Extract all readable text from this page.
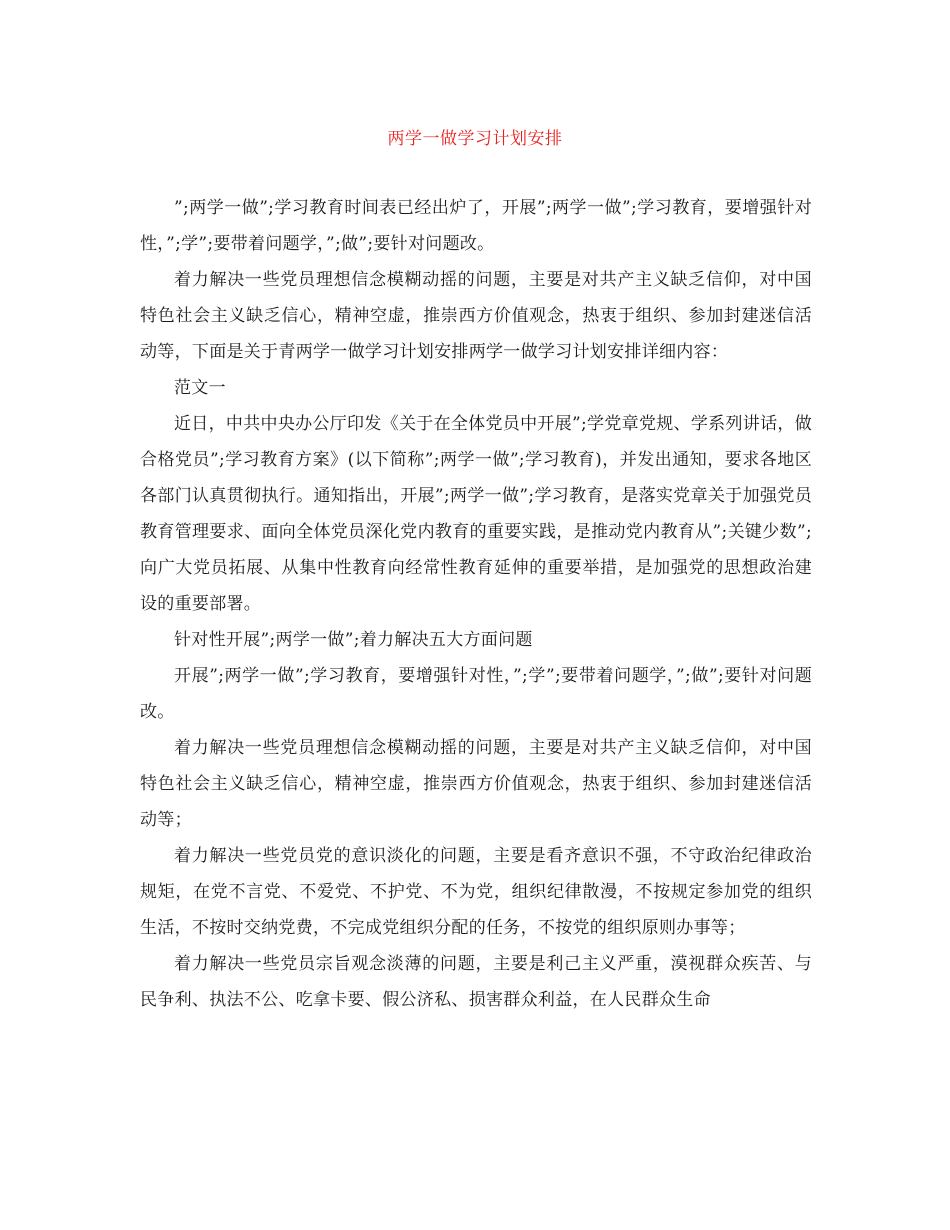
两学一做学习计划安排

”;两学一做”;学习教育时间表已经出炉了，开展”;两学一做”;学习教育，要增强针对性，”;学”;要带着问题学，”;做”;要针对问题改。

着力解决一些党员理想信念模糊动摇的问题，主要是对共产主义缺乏信仰，对中国特色社会主义缺乏信心，精神空虚，推崇西方价值观念，热衷于组织、参加封建迷信活动等，下面是关于青两学一做学习计划安排两学一做学习计划安排详细内容：

范文一

近日，中共中央办公厅印发《关于在全体党员中开展”;学党章党规、学系列讲话，做合格党员”;学习教育方案》(以下简称”;两学一做”;学习教育)，并发出通知，要求各地区各部门认真贯彻执行。通知指出，开展”;两学一做”;学习教育，是落实党章关于加强党员教育管理要求、面向全体党员深化党内教育的重要实践，是推动党内教育从”;关键少数”;向广大党员拓展、从集中性教育向经常性教育延伸的重要举措，是加强党的思想政治建设的重要部署。

针对性开展”;两学一做”;着力解决五大方面问题

开展”;两学一做”;学习教育，要增强针对性，”;学”;要带着问题学，”;做”;要针对问题改。

着力解决一些党员理想信念模糊动摇的问题，主要是对共产主义缺乏信仰，对中国特色社会主义缺乏信心，精神空虚，推崇西方价值观念，热衷于组织、参加封建迷信活动等；

着力解决一些党员党的意识淡化的问题，主要是看齐意识不强，不守政治纪律政治规矩，在党不言党、不爱党、不护党、不为党，组织纪律散漫，不按规定参加党的组织生活，不按时交纳党费，不完成党组织分配的任务，不按党的组织原则办事等；

着力解决一些党员宗旨观念淡薄的问题，主要是利己主义严重，漠视群众疾苦、与民争利、执法不公、吃拿卡要、假公济私、损害群众利益，在人民群众生命
